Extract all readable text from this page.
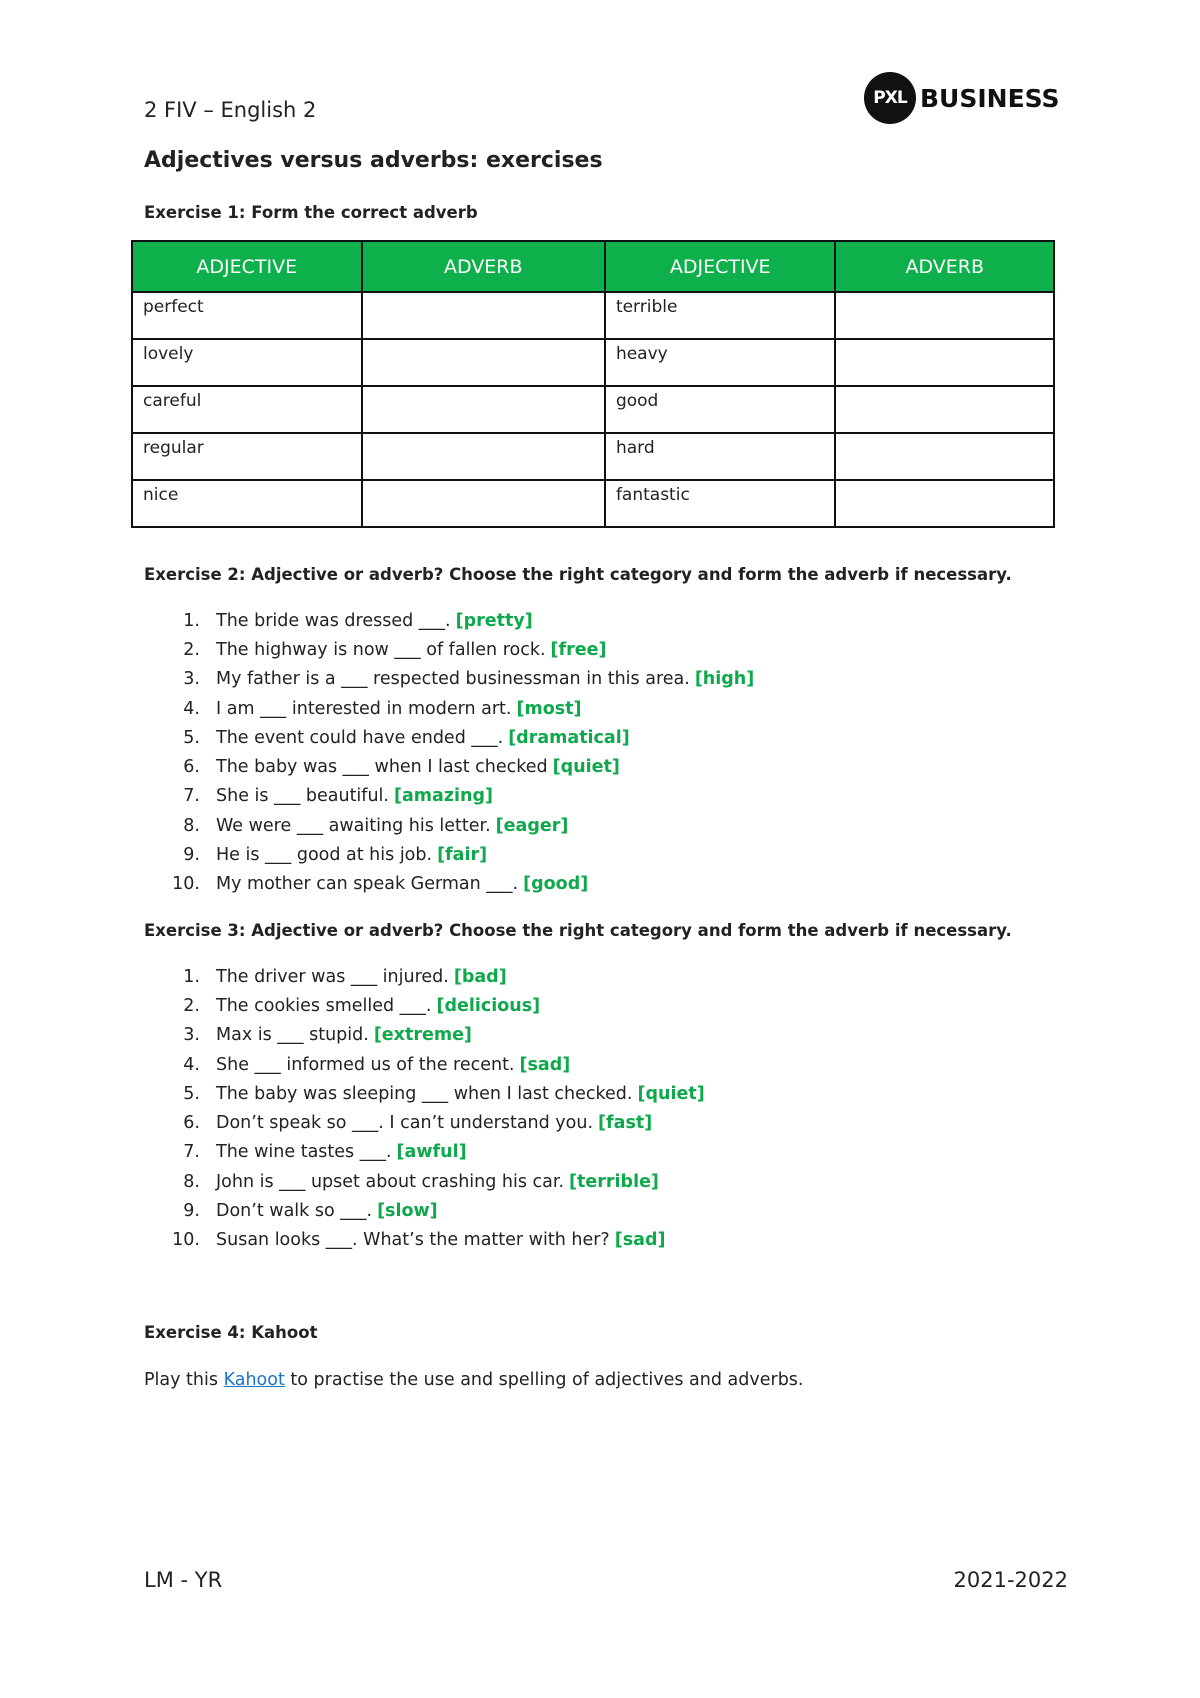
2 FIV – English 2	PXL BUSINESS
Adjectives versus adverbs: exercises
Exercise 1: Form the correct adverb
ADJECTIVE	ADVERB	ADJECTIVE	ADVERB
perfect		terrible	
lovely		heavy	
careful		good	
regular		hard	
nice		fantastic	
Exercise 2: Adjective or adverb? Choose the right category and form the adverb if necessary.
1. The bride was dressed ___. [pretty]
2. The highway is now ___ of fallen rock. [free]
3. My father is a ___ respected businessman in this area. [high]
4. I am ___ interested in modern art. [most]
5. The event could have ended ___. [dramatical]
6. The baby was ___ when I last checked [quiet]
7. She is ___ beautiful. [amazing]
8. We were ___ awaiting his letter. [eager]
9. He is ___ good at his job. [fair]
10. My mother can speak German ___. [good]
Exercise 3: Adjective or adverb? Choose the right category and form the adverb if necessary.
1. The driver was ___ injured. [bad]
2. The cookies smelled ___. [delicious]
3. Max is ___ stupid. [extreme]
4. She ___ informed us of the recent. [sad]
5. The baby was sleeping ___ when I last checked. [quiet]
6. Don’t speak so ___. I can’t understand you. [fast]
7. The wine tastes ___. [awful]
8. John is ___ upset about crashing his car. [terrible]
9. Don’t walk so ___. [slow]
10. Susan looks ___. What’s the matter with her? [sad]
Exercise 4: Kahoot
Play this Kahoot to practise the use and spelling of adjectives and adverbs.
LM - YR	2021-2022
